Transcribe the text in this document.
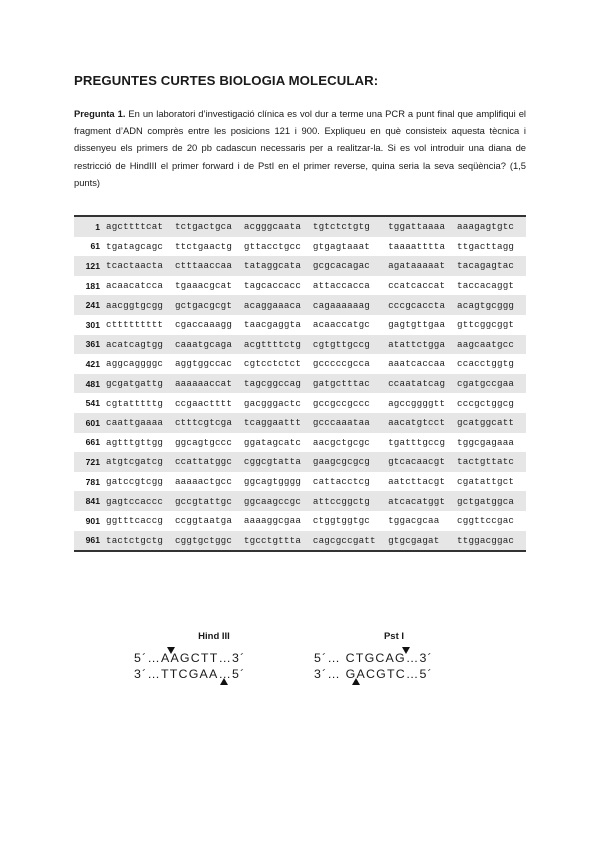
PREGUNTES CURTES BIOLOGIA MOLECULAR:
Pregunta 1. En un laboratori d’investigació clínica es vol dur a terme una PCR a punt final que amplifiqui el fragment d’ADN comprès entre les posicions 121 i 900. Expliqueu en què consisteix aquesta tècnica i dissenyeu els primers de 20 pb cadascun necessaris per a realitzar-la. Si es vol introduir una diana de restricció de HindIII el primer forward i de PstI en el primer reverse, quina seria la seva seqüència? (1,5 punts)
1	agcttttcat	tctgactgca	acgggcaata	tgtctctgtg	tggattaaaa	aaagagtgtc
61	tgatagcagc	ttctgaactg	gttacctgcc	gtgagtaaat	taaaatttta	ttgacttagg
121	tcactaacta	ctttaaccaa	tataggcata	gcgcacagac	agataaaaat	tacagagtac
181	acaacatcca	tgaaacgcat	tagcaccacc	attaccacca	ccatcaccat	taccacaggt
241	aacggtgcgg	gctgacgcgt	acaggaaaca	cagaaaaaag	cccgcaccta	acagtgcggg
301	cttttttttt	cgaccaaagg	taacgaggta	acaaccatgc	gagtgttgaa	gttcggcggt
361	acatcagtgg	caaatgcaga	acgttttctg	cgtgttgccg	atattctgga	aagcaatgcc
421	aggcaggggc	aggtggccac	cgtcctctct	gcccccgcca	aaatcaccaa	ccacctggtg
481	gcgatgattg	aaaaaaccat	tagcggccag	gatgctttac	ccaatatcag	cgatgccgaa
541	cgtatttttg	ccgaactttt	gacgggactc	gccgccgccc	agccggggtt	cccgctggcg
601	caattgaaaa	ctttcgtcga	tcaggaattt	gcccaaataa	aacatgtcct	gcatggcatt
661	agtttgttgg	ggcagtgccc	ggatagcatc	aacgctgcgc	tgatttgccg	tggcgagaaa
721	atgtcgatcg	ccattatggc	cggcgtatta	gaagcgcgcg	gtcacaacgt	tactgttatc
781	gatccgtcgg	aaaaactgcc	ggcagtgggg	cattacctcg	aatcttacgt	cgatattgct
841	gagtccaccc	gccgtattgc	ggcaagccgc	attccggctg	atcacatggt	gctgatggca
901	ggtttcaccg	ccggtaatga	aaaaggcgaa	ctggtggtgc	tggacgcaa	cggttccgac
961	tactctgctg	cggtgctggc	tgcctgttta	cagcgccgatt	gtgcgagat	ttggacggac
Hind III
5´…AAGCTT…3´
3´…TTCGAA…5´
Pst I
5´… CTGCAG…3´
3´… GACGTC…5´
